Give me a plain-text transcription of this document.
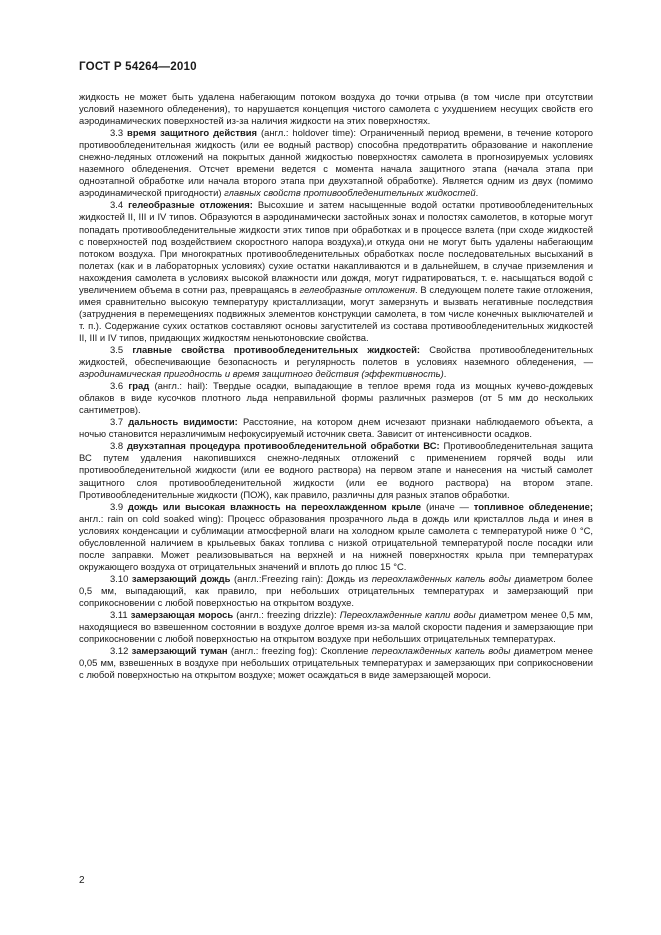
ГОСТ Р 54264—2010

жидкость не может быть удалена набегающим потоком воздуха до точки отрыва (в том числе при отсутствии условий наземного обледенения), то нарушается концепция чистого самолета с ухудшением несущих свойств его аэродинамических поверхностей из-за наличия жидкости на этих поверхностях.

3.3 время защитного действия (англ.: holdover time): Ограниченный период времени, в течение которого противообледенительная жидкость (или ее водный раствор) способна предотвратить образование и накопление снежно-ледяных отложений на покрытых данной жидкостью поверхностях самолета в прогнозируемых условиях наземного обледенения. Отсчет времени ведется с момента начала защитного этапа (начала этапа при одноэтапной обработке или начала второго этапа при двухэтапной обработке). Является одним из двух (помимо аэродинамической пригодности) главных свойств противообледенительных жидкостей.

3.4 гелеобразные отложения: Высохшие и затем насыщенные водой остатки противообледенительных жидкостей II, III и IV типов. Образуются в аэродинамически застойных зонах и полостях самолетов, в которые могут попадать противообледенительные жидкости этих типов при обработках и в процессе взлета (при сходе жидкостей с поверхностей под воздействием скоростного напора воздуха),и откуда они не могут быть удалены набегающим потоком воздуха. При многократных противообледенительных обработках после последовательных высыханий в полетах (как и в лабораторных условиях) сухие остатки накапливаются и в дальнейшем, в случае приземления и нахождения самолета в условиях высокой влажности или дождя, могут гидратироваться, т. е. насыщаться водой с увеличением объема в сотни раз, превращаясь в гелеобразные отложения. В следующем полете такие отложения, имея сравнительно высокую температуру кристаллизации, могут замерзнуть и вызвать негативные последствия (затруднения в перемещениях подвижных элементов конструкции самолета, в том числе конечных выключателей и т. п.). Содержание сухих остатков составляют основы загустителей из состава противообледенительных жидкостей II, III и IV типов, придающих жидкостям неньютоновские свойства.

3.5 главные свойства противообледенительных жидкостей: Свойства противообледенительных жидкостей, обеспечивающие безопасность и регулярность полетов в условиях наземного обледенения, — аэродинамическая пригодность и время защитного действия (эффективность).

3.6 град (англ.: hail): Твердые осадки, выпадающие в теплое время года из мощных кучево-дождевых облаков в виде кусочков плотного льда неправильной формы различных размеров (от 5 мм до нескольких сантиметров).

3.7 дальность видимости: Расстояние, на котором днем исчезают признаки наблюдаемого объекта, а ночью становится неразличимым нефокусируемый источник света. Зависит от интенсивности осадков.

3.8 двухэтапная процедура противообледенительной обработки ВС: Противообледенительная защита ВС путем удаления накопившихся снежно-ледяных отложений с применением горячей воды или противообледенительной жидкости (или ее водного раствора) на первом этапе и нанесения на чистый самолет защитного слоя противообледенительной жидкости (или ее водного раствора) на втором этапе. Противообледенительные жидкости (ПОЖ), как правило, различны для разных этапов обработки.

3.9 дождь или высокая влажность на переохлажденном крыле (иначе — топливное обледенение; англ.: rain on cold soaked wing): Процесс образования прозрачного льда в дождь или кристаллов льда и инея в условиях конденсации и сублимации атмосферной влаги на холодном крыле самолета с температурой ниже 0 °С, обусловленной наличием в крыльевых баках топлива с низкой отрицательной температурой после посадки или после заправки. Может реализовываться на верхней и на нижней поверхностях крыла при температурах окружающего воздуха от отрицательных значений и вплоть до плюс 15 °С.

3.10 замерзающий дождь (англ.:Freezing rain): Дождь из переохлажденных капель воды диаметром более 0,5 мм, выпадающий, как правило, при небольших отрицательных температурах и замерзающий при соприкосновении с любой поверхностью на открытом воздухе.

3.11 замерзающая морось (англ.: freezing drizzle): Переохлажденные капли воды диаметром менее 0,5 мм, находящиеся во взвешенном состоянии в воздухе долгое время из-за малой скорости падения и замерзающие при соприкосновении с любой поверхностью на открытом воздухе при небольших отрицательных температурах.

3.12 замерзающий туман (англ.: freezing fog): Скопление переохлажденных капель воды диаметром менее 0,05 мм, взвешенных в воздухе при небольших отрицательных температурах и замерзающих при соприкосновении с любой поверхностью на открытом воздухе; может осаждаться в виде замерзающей мороси.

2
